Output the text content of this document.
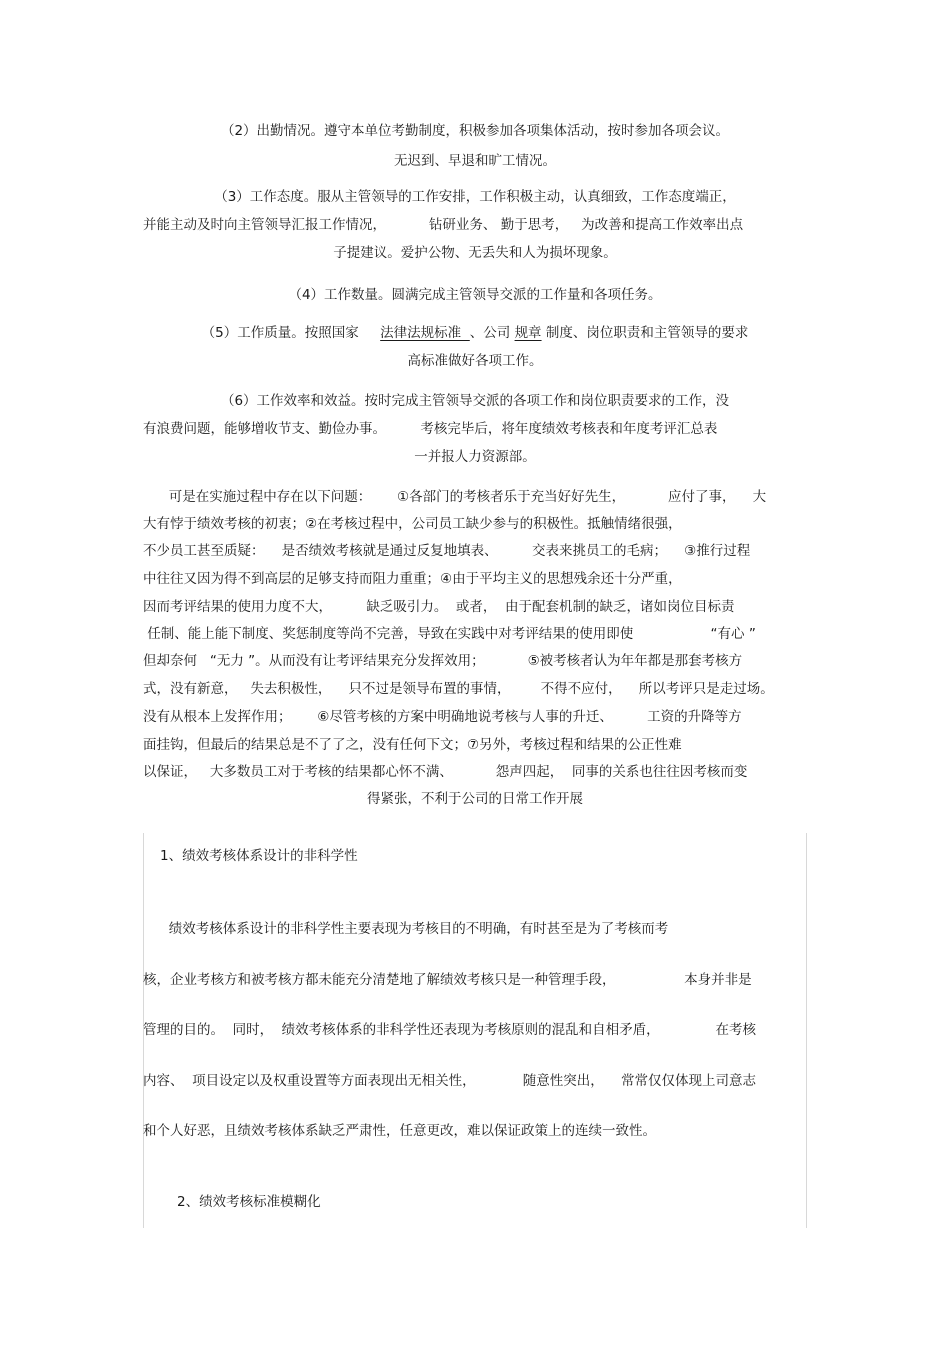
（2）出勤情况。遵守本单位考勤制度，积极参加各项集体活动，按时参加各项会议。
无迟到、早退和旷工情况。
（3）工作态度。服从主管领导的工作安排，工作积极主动，认真细致，工作态度端正，
并能主动及时向主管领导汇报工作情况，          钻研业务、 勤于思考，   为改善和提高工作效率出点
子提建议。爱护公物、无丢失和人为损坏现象。
（4）工作数量。圆满完成主管领导交派的工作量和各项任务。
（5）工作质量。按照国家     法律法规标准  、公司 规章 制度、岗位职责和主管领导的要求
高标准做好各项工作。
（6）工作效率和效益。按时完成主管领导交派的各项工作和岗位职责要求的工作，没
有浪费问题，能够增收节支、勤俭办事。        考核完毕后，将年度绩效考核表和年度考评汇总表
一并报人力资源部。
可是在实施过程中存在以下问题：      ①各部门的考核者乐于充当好好先生，          应付了事，    大
大有悖于绩效考核的初衷；②在考核过程中，公司员工缺少参与的积极性。抵触情绪很强，
不少员工甚至质疑：    是否绩效考核就是通过反复地填表、        交表来挑员工的毛病；    ③推行过程
中往往又因为得不到高层的足够支持而阻力重重；④由于平均主义的思想残余还十分严重，
因而考评结果的使用力度不大，        缺乏吸引力。  或者，  由于配套机制的缺乏，诸如岗位目标责
任制、能上能下制度、奖惩制度等尚不完善，导致在实践中对考评结果的使用即使                  “有心 ”
但却奈何   “无力 ”。从而没有让考评结果充分发挥效用；          ⑤被考核者认为年年都是那套考核方
式，没有新意，   失去积极性，    只不过是领导布置的事情，       不得不应付，    所以考评只是走过场。
没有从根本上发挥作用；      ⑥尽管考核的方案中明确地说考核与人事的升迁、        工资的升降等方
面挂钩，但最后的结果总是不了了之，没有任何下文；⑦另外，考核过程和结果的公正性难
以保证，   大多数员工对于考核的结果都心怀不满、          怨声四起，  同事的关系也往往因考核而变
得紧张，不利于公司的日常工作开展
1、绩效考核体系设计的非科学性
绩效考核体系设计的非科学性主要表现为考核目的不明确，有时甚至是为了考核而考
核，企业考核方和被考核方都未能充分清楚地了解绩效考核只是一种管理手段，                本身并非是
管理的目的。  同时，  绩效考核体系的非科学性还表现为考核原则的混乱和自相矛盾，             在考核
内容、  项目设定以及权重设置等方面表现出无相关性，           随意性突出，    常常仅仅体现上司意志
和个人好恶，且绩效考核体系缺乏严肃性，任意更改，难以保证政策上的连续一致性。
2、绩效考核标准模糊化
